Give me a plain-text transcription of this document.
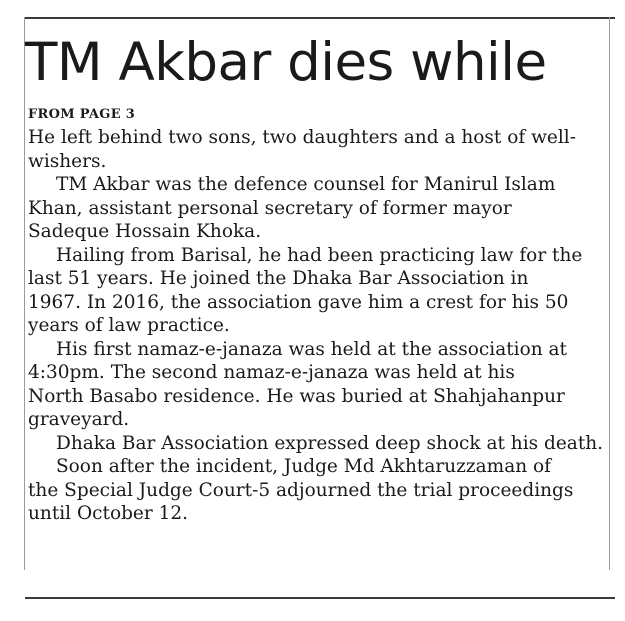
TM Akbar dies while
FROM PAGE 3
He left behind two sons, two daughters and a host of well-
wishers.
TM Akbar was the defence counsel for Manirul Islam
Khan, assistant personal secretary of former mayor
Sadeque Hossain Khoka.
Hailing from Barisal, he had been practicing law for the
last 51 years. He joined the Dhaka Bar Association in
1967. In 2016, the association gave him a crest for his 50
years of law practice.
His first namaz-e-janaza was held at the association at
4:30pm. The second namaz-e-janaza was held at his
North Basabo residence. He was buried at Shahjahanpur
graveyard.
Dhaka Bar Association expressed deep shock at his death.
Soon after the incident, Judge Md Akhtaruzzaman of
the Special Judge Court-5 adjourned the trial proceedings
until October 12.
